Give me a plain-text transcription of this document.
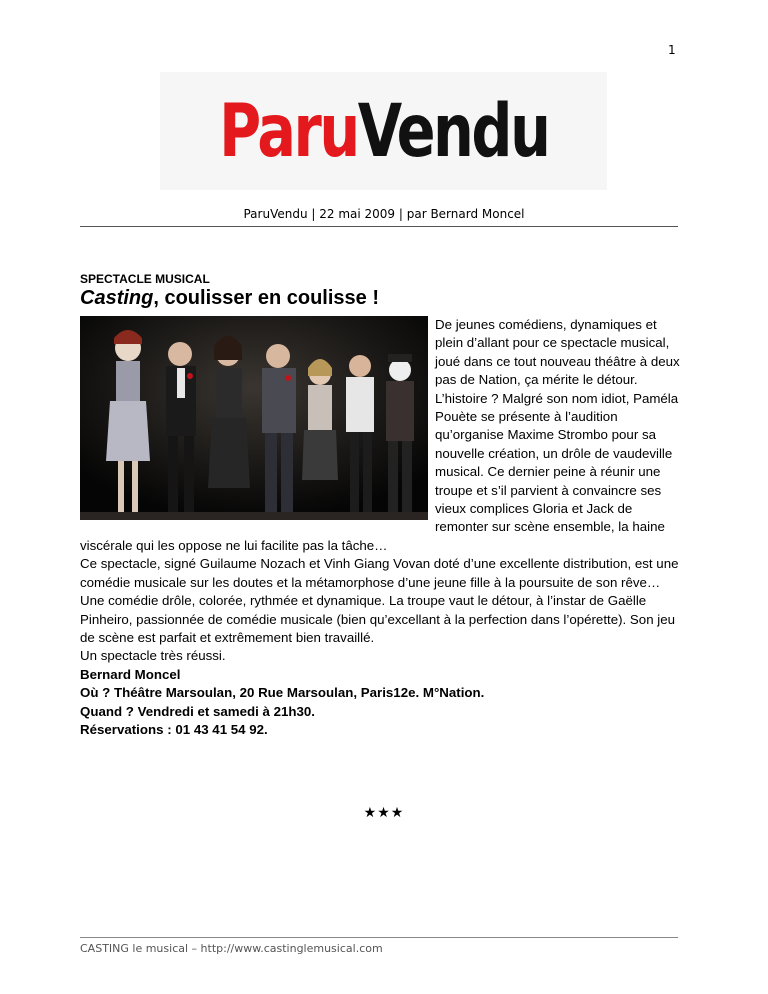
1
ParuVendu
ParuVendu | 22 mai 2009 | par Bernard Moncel
SPECTACLE MUSICAL
Casting, coulisser en coulisse !

De jeunes comédiens, dynamiques et plein d’allant pour ce spectacle musical, joué dans ce tout nouveau théâtre à deux pas de Nation, ça mérite le détour.

L’histoire ? Malgré son nom idiot, Paméla Pouète se présente à l’audition qu’organise Maxime Strombo pour sa nouvelle création, un drôle de vaudeville musical. Ce dernier peine à réunir une troupe et s’il parvient à convaincre ses vieux complices Gloria et Jack de remonter sur scène ensemble, la haine viscérale qui les oppose ne lui facilite pas la tâche…

Ce spectacle, signé Guilaume Nozach et Vinh Giang Vovan doté d’une excellente distribution, est une comédie musicale sur les doutes et la métamorphose d’une jeune fille à la poursuite de son rêve…

Une comédie drôle, colorée, rythmée et dynamique. La troupe vaut le détour, à l’instar de Gaëlle Pinheiro, passionnée de comédie musicale (bien qu’excellant à la perfection dans l’opérette). Son jeu de scène est parfait et extrêmement bien travaillé.

Un spectacle très réussi.

Bernard Moncel

Où ? Théâtre Marsoulan, 20 Rue Marsoulan, Paris12e. M°Nation.

Quand ? Vendredi et samedi à 21h30.

Réservations : 01 43 41 54 92.

★★★
CASTING le musical – http://www.castinglemusical.com
